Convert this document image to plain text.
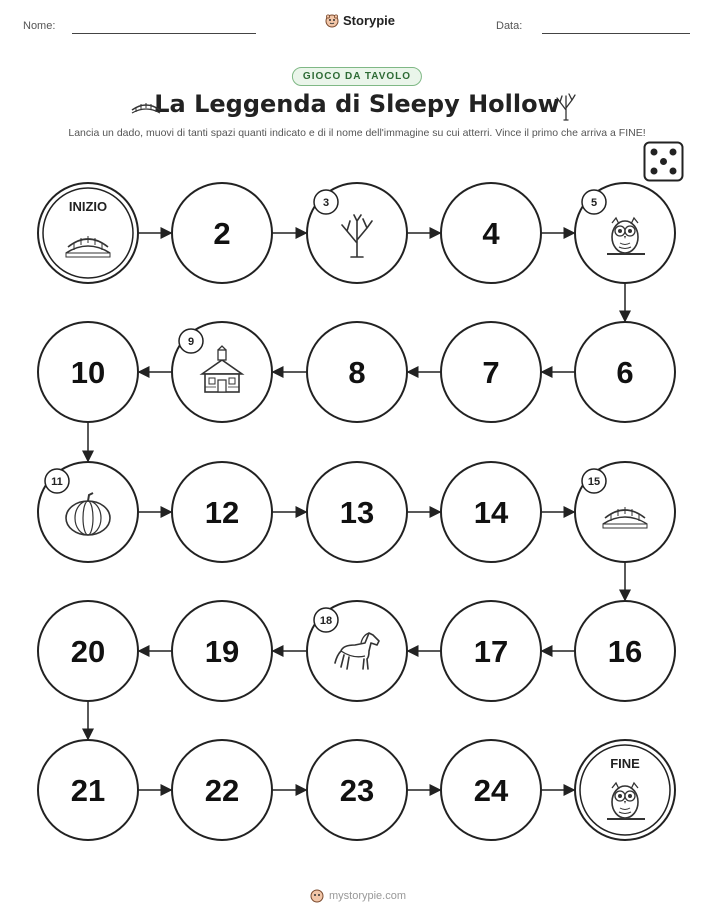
Nome:	Storypie	Data:
GIOCO DA TAVOLO
La Leggenda di Sleepy Hollow
Lancia un dado, muovi di tanti spazi quanti indicato e di il nome dell'immagine su cui atterri. Vince il primo che arriva a FINE!
INIZIO
2
3
4
5
6
7
8
9
10
11
12	13	14
15
16
17
18
19
20
21	22	23	24
FINE
mystorypie.com
